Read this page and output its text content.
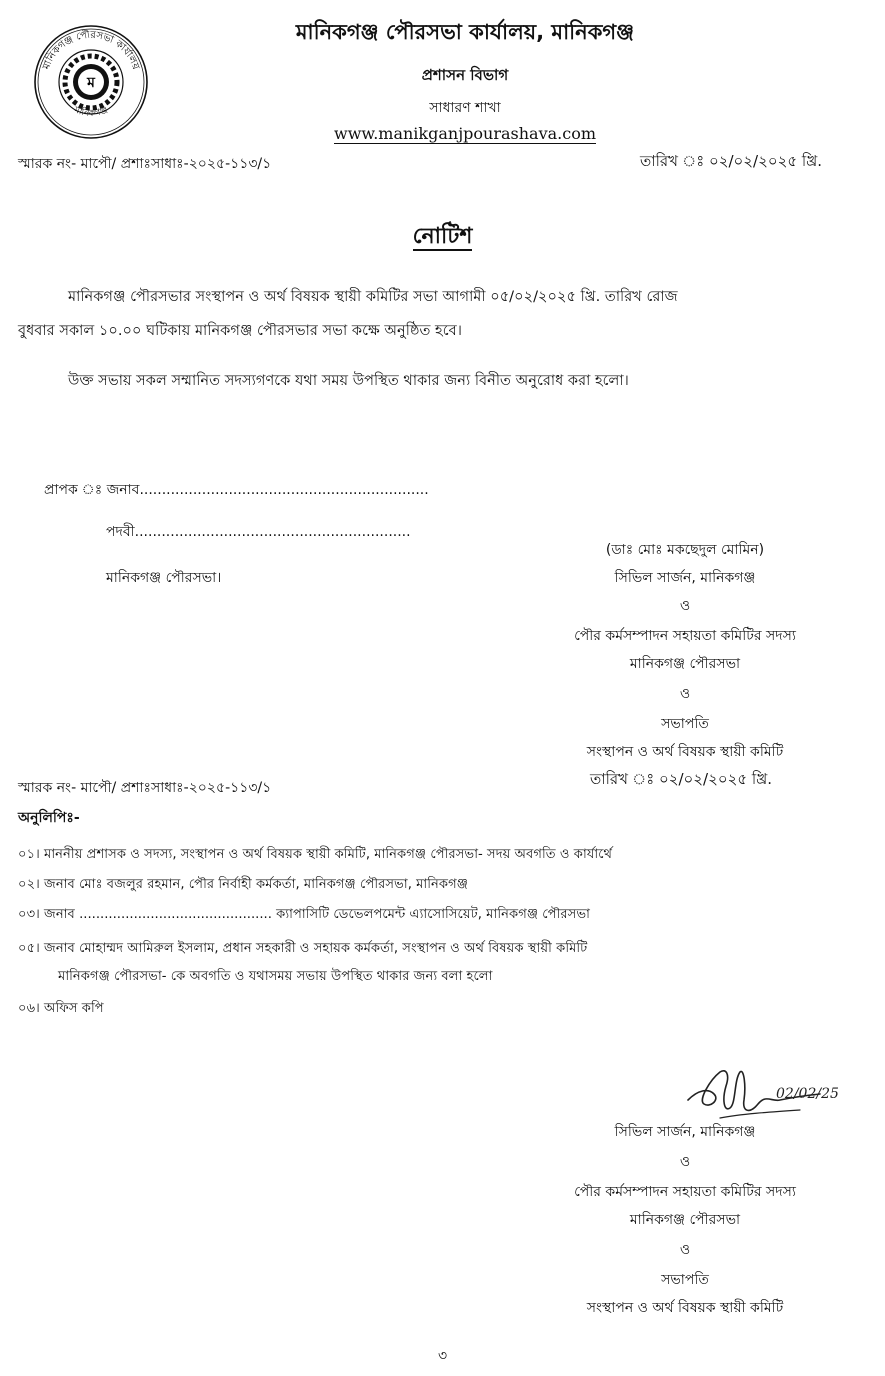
ম
মানিকগঞ্জ পৌরসভা কার্যালয়
মানিকগঞ্জ
মানিকগঞ্জ পৌরসভা কার্যালয়, মানিকগঞ্জ
প্রশাসন বিভাগ
সাধারণ শাখা
www.manikganjpourashava.com
স্মারক নং- মাপৌ/ প্রশাঃসাধাঃ-২০২৫-১১৩/১	তারিখ ঃ ০২/০২/২০২৫ খ্রি.
নোটিশ
মানিকগঞ্জ পৌরসভার সংস্থাপন ও অর্থ বিষয়ক স্থায়ী কমিটির সভা আগামী ০৫/০২/২০২৫ খ্রি. তারিখ রোজ
বুধবার সকাল ১০.০০ ঘটিকায় মানিকগঞ্জ পৌরসভার সভা কক্ষে অনুষ্ঠিত হবে।
উক্ত সভায় সকল সম্মানিত সদস্যগণকে যথা সময় উপস্থিত থাকার জন্য বিনীত অনুরোধ করা হলো।
প্রাপক ঃ জনাব.................................................................
পদবী..............................................................
মানিকগঞ্জ পৌরসভা।
(ডাঃ মোঃ মকছেদুল মোমিন)
সিভিল সার্জন, মানিকগঞ্জ
ও
পৌর কর্মসম্পাদন সহায়তা কমিটির সদস্য
মানিকগঞ্জ পৌরসভা
ও
সভাপতি
সংস্থাপন ও অর্থ বিষয়ক স্থায়ী কমিটি
তারিখ ঃ ০২/০২/২০২৫ খ্রি.
স্মারক নং- মাপৌ/ প্রশাঃসাধাঃ-২০২৫-১১৩/১
অনুলিপিঃ-
০১। মাননীয় প্রশাসক ও সদস্য, সংস্থাপন ও অর্থ বিষয়ক স্থায়ী কমিটি, মানিকগঞ্জ পৌরসভা- সদয় অবগতি ও কার্যার্থে
০২। জনাব মোঃ বজলুর রহমান, পৌর নির্বাহী কর্মকর্তা, মানিকগঞ্জ পৌরসভা, মানিকগঞ্জ
০৩। জনাব .............................................. ক্যাপাসিটি ডেভেলপমেন্ট এ্যাসোসিয়েট, মানিকগঞ্জ পৌরসভা
০৫। জনাব মোহাম্মদ আমিরুল ইসলাম, প্রধান সহকারী ও সহায়ক কর্মকর্তা, সংস্থাপন ও অর্থ বিষয়ক স্থায়ী কমিটি
মানিকগঞ্জ পৌরসভা- কে অবগতি ও যথাসময় সভায় উপস্থিত থাকার জন্য বলা হলো
০৬। অফিস কপি
02/02/25
সিভিল সার্জন, মানিকগঞ্জ
ও
পৌর কর্মসম্পাদন সহায়তা কমিটির সদস্য
মানিকগঞ্জ পৌরসভা
ও
সভাপতি
সংস্থাপন ও অর্থ বিষয়ক স্থায়ী কমিটি
৩
